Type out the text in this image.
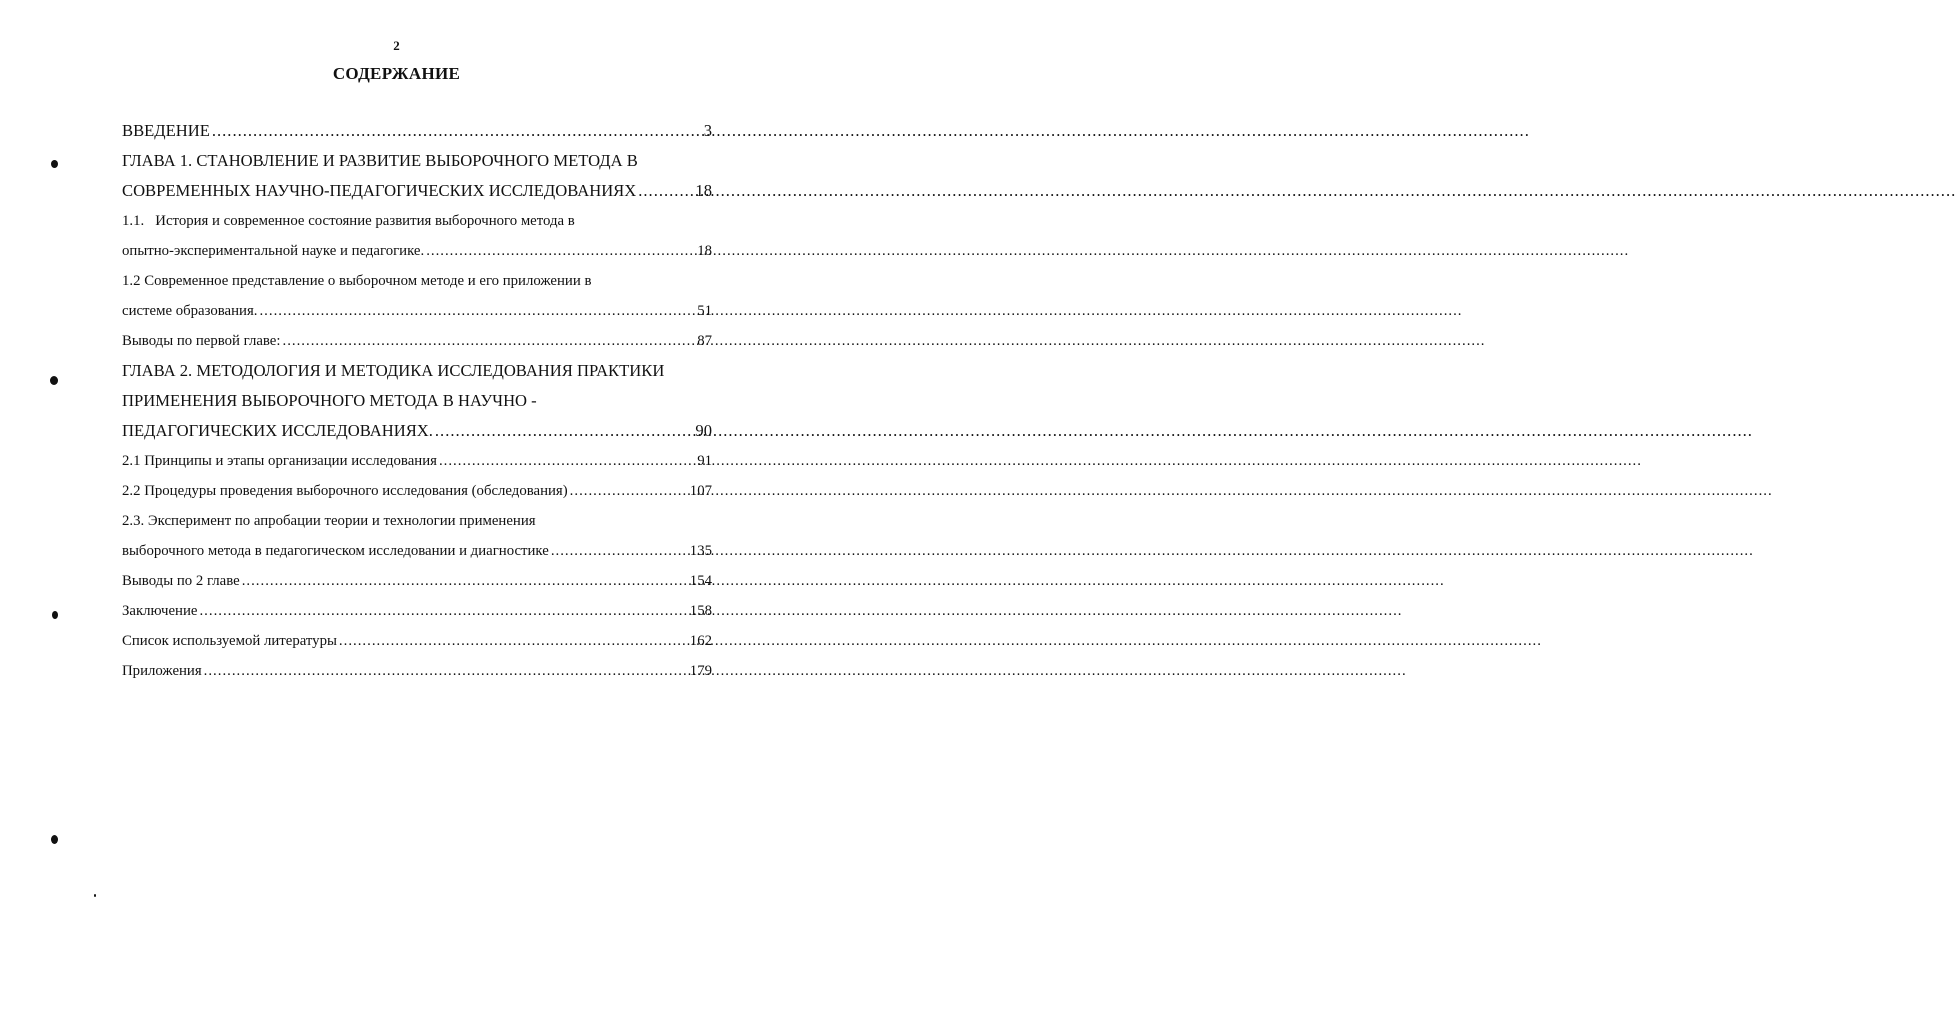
2
СОДЕРЖАНИЕ
ВВЕДЕНИЕ .....	3
ГЛАВА 1. СТАНОВЛЕНИЕ И РАЗВИТИЕ ВЫБОРОЧНОГО МЕТОДА В
СОВРЕМЕННЫХ НАУЧНО-ПЕДАГОГИЧЕСКИХ ИССЛЕДОВАНИЯХ .....	18
1.1.   История и современное состояние развития выборочного метода в
опытно-экспериментальной науке и педагогике. .....	18
1.2 Современное представление о выборочном методе и его приложении в
системе образования. .....	51
Выводы по первой главе: .....	87
ГЛАВА 2. МЕТОДОЛОГИЯ И МЕТОДИКА ИССЛЕДОВАНИЯ ПРАКТИКИ
ПРИМЕНЕНИЯ ВЫБОРОЧНОГО МЕТОДА В НАУЧНО -
ПЕДАГОГИЧЕСКИХ ИССЛЕДОВАНИЯХ. .....	90
2.1 Принципы и этапы организации исследования .....	91
2.2 Процедуры проведения выборочного исследования (обследования) .....	107
2.3. Эксперимент по апробации теории и технологии применения
выборочного метода в педагогическом исследовании и диагностике .....	135
Выводы по 2 главе .....	154
Заключение .....	158
Список используемой литературы .....	162
Приложения .....	179
